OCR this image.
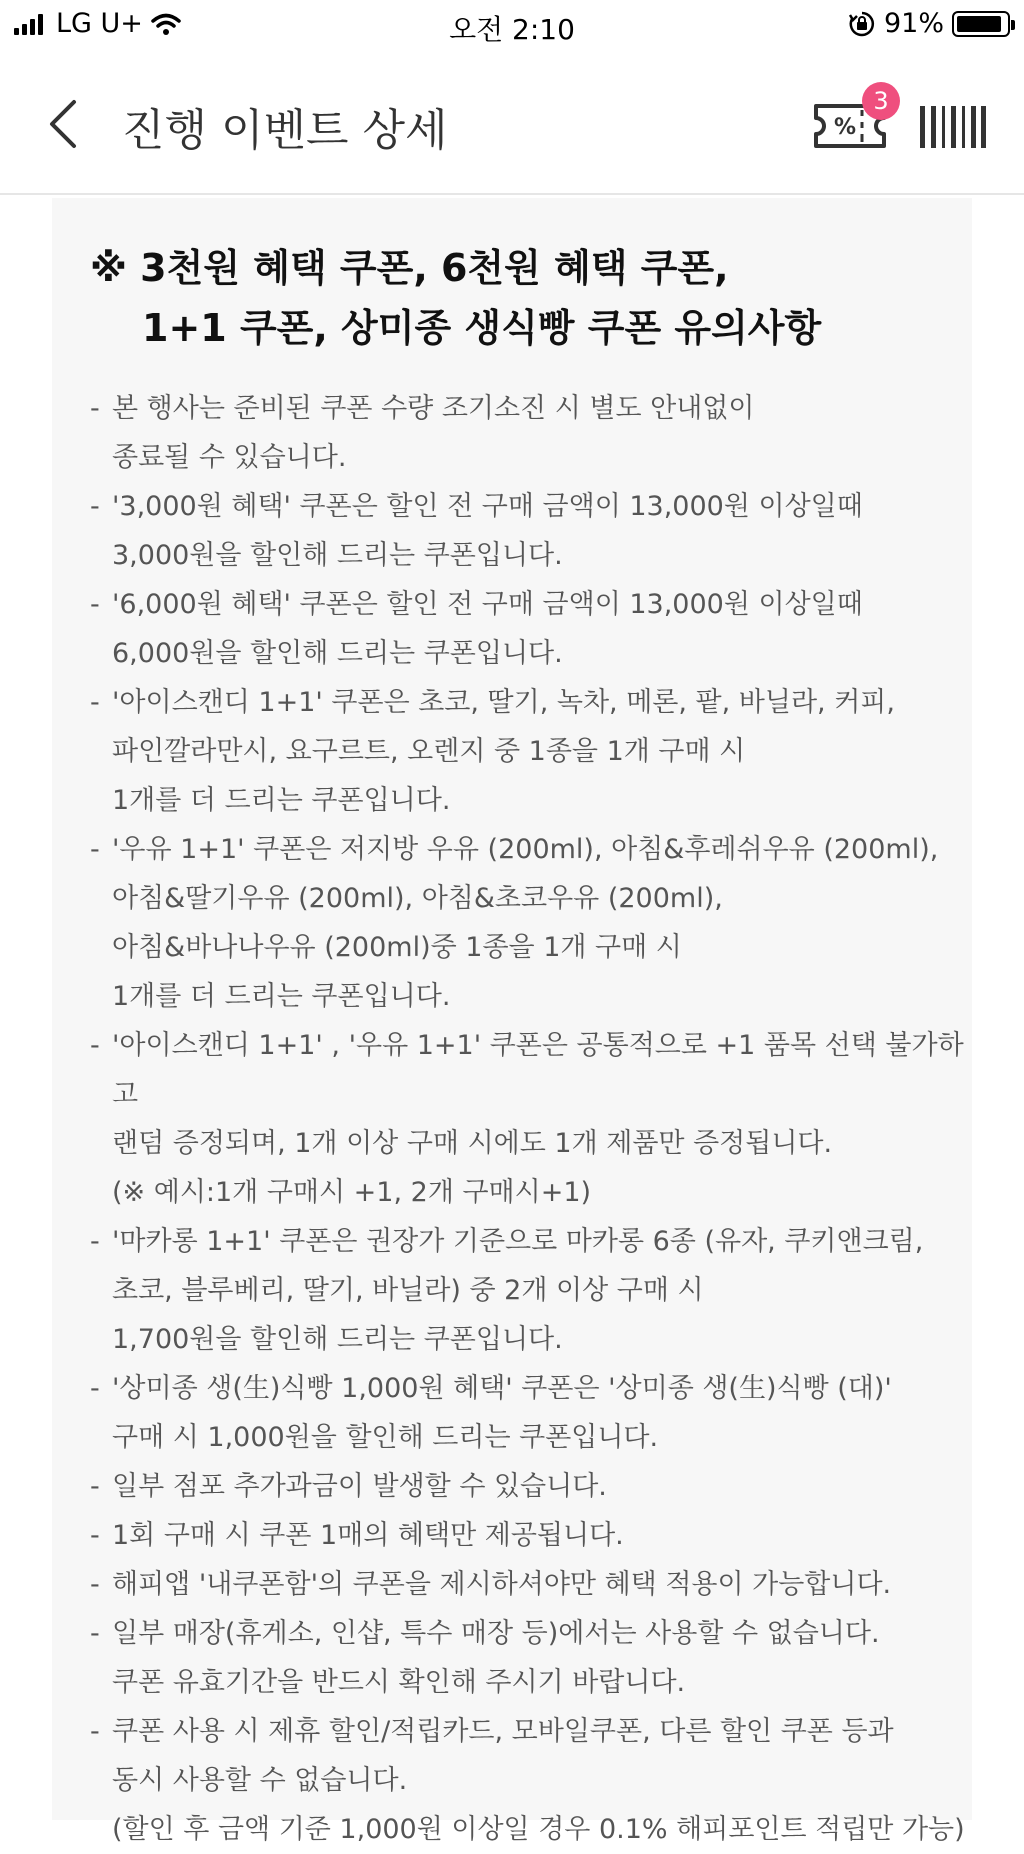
LG U+	오전 2:10	91%
진행 이벤트 상세	%
3
※ 3천원 혜택 쿠폰, 6천원 혜택 쿠폰,
1+1 쿠폰, 상미종 생식빵 쿠폰 유의사항
- 본 행사는 준비된 쿠폰 수량 조기소진 시 별도 안내없이
종료될 수 있습니다.
- '3,000원 혜택' 쿠폰은 할인 전 구매 금액이 13,000원 이상일때
3,000원을 할인해 드리는 쿠폰입니다.
- '6,000원 혜택' 쿠폰은 할인 전 구매 금액이 13,000원 이상일때
6,000원을 할인해 드리는 쿠폰입니다.
- '아이스캔디 1+1' 쿠폰은 초코, 딸기, 녹차, 메론, 팥, 바닐라, 커피,
파인깔라만시, 요구르트, 오렌지 중 1종을 1개 구매 시
1개를 더 드리는 쿠폰입니다.
- '우유 1+1' 쿠폰은 저지방 우유 (200ml), 아침&후레쉬우유 (200ml),
아침&딸기우유 (200ml), 아침&초코우유 (200ml),
아침&바나나우유 (200ml)중 1종을 1개 구매 시
1개를 더 드리는 쿠폰입니다.
- '아이스캔디 1+1' , '우유 1+1' 쿠폰은 공통적으로 +1 품목 선택 불가하고
랜덤 증정되며, 1개 이상 구매 시에도 1개 제품만 증정됩니다.
(※ 예시:1개 구매시 +1, 2개 구매시+1)
- '마카롱 1+1' 쿠폰은 권장가 기준으로 마카롱 6종 (유자, 쿠키앤크림,
초코, 블루베리, 딸기, 바닐라) 중 2개 이상 구매 시
1,700원을 할인해 드리는 쿠폰입니다.
- '상미종 생(生)식빵 1,000원 혜택' 쿠폰은 '상미종 생(生)식빵 (대)'
구매 시 1,000원을 할인해 드리는 쿠폰입니다.
- 일부 점포 추가과금이 발생할 수 있습니다.
- 1회 구매 시 쿠폰 1매의 혜택만 제공됩니다.
- 해피앱 '내쿠폰함'의 쿠폰을 제시하셔야만 혜택 적용이 가능합니다.
- 일부 매장(휴게소, 인샵, 특수 매장 등)에서는 사용할 수 없습니다.
쿠폰 유효기간을 반드시 확인해 주시기 바랍니다.
- 쿠폰 사용 시 제휴 할인/적립카드, 모바일쿠폰, 다른 할인 쿠폰 등과
동시 사용할 수 없습니다.
(할인 후 금액 기준 1,000원 이상일 경우 0.1% 해피포인트 적립만 가능)
